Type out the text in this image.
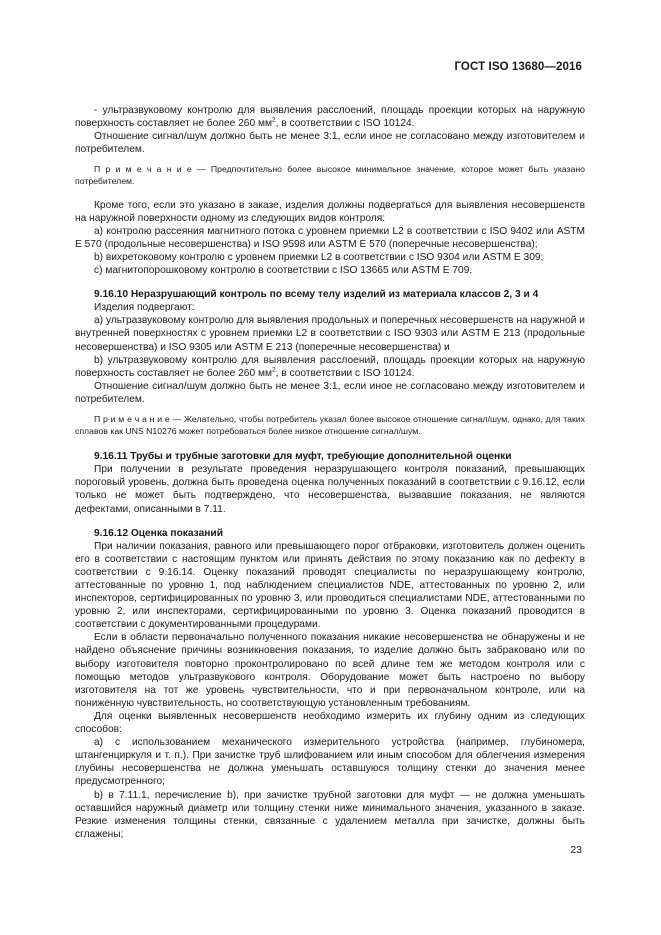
ГОСТ ISO 13680—2016

- ультразвуковому контролю для выявления расслоений, площадь проекции которых на наружную поверхность составляет не более 260 $мм^2$, в соответствии с ISO 10124.

Отношение сигнал/шум должно быть не менее 3:1, если иное не согласовано между изготовителем и потребителем.

П р и м е ч а н и е — Предпочтительно более высокое минимальное значение, которое может быть указано потребителем.

Кроме того, если это указано в заказе, изделия должны подвергаться для выявления несовершенств на наружной поверхности одному из следующих видов контроля:

a) контролю рассеяния магнитного потока с уровнем приемки L2 в соответствии с ISO 9402 или ASTM E 570 (продольные несовершенства) и ISO 9598 или ASTM E 570 (поперечные несовершенства);

b) вихретоковому контролю с уровнем приемки L2 в соответствии с ISO 9304 или ASTM E 309;

c) магнитопорошковому контролю в соответствии с ISO 13665 или ASTM E 709.

9.16.10 Неразрушающий контроль по всему телу изделий из материала классов 2, 3 и 4

Изделия подвергают:

a) ультразвуковому контролю для выявления продольных и поперечных несовершенств на наружной и внутренней поверхностях с уровнем приемки L2 в соответствии с ISO 9303 или ASTM E 213 (продольные несовершенства) и ISO 9305 или ASTM E 213 (поперечные несовершенства) и

b) ультразвуковому контролю для выявления расслоений, площадь проекции которых на наружную поверхность составляет не более 260 $мм^2$, в соответствии с ISO 10124.

Отношение сигнал/шум должно быть не менее 3:1, если иное не согласовано между изготовителем и потребителем.

П р и м е ч а н и е — Желательно, чтобы потребитель указал более высокое отношение сигнал/шум, однако, для таких сплавов как UNS N10276 может потребоваться более низкое отношение сигнал/шум.

9.16.11 Трубы и трубные заготовки для муфт, требующие дополнительной оценки

При получении в результате проведения неразрушающего контроля показаний, превышающих пороговый уровень, должна быть проведена оценка полученных показаний в соответствии с 9.16.12, если только не может быть подтверждено, что несовершенства, вызвавшие показания, не являются дефектами, описанными в 7.11.

9.16.12 Оценка показаний

При наличии показания, равного или превышающего порог отбраковки, изготовитель должен оценить его в соответствии с настоящим пунктом или принять действия по этому показанию как по дефекту в соответствии с 9.16.14. Оценку показаний проводят специалисты по неразрушающему контролю, аттестованные по уровню 1, под наблюдением специалистов NDE, аттестованных по уровню 2, или инспекторов, сертифицированных по уровню 3, или проводиться специалистами NDE, аттестованными по уровню 2, или инспекторами, сертифицированными по уровню 3. Оценка показаний проводится в соответствии с документированными процедурами.

Если в области первоначально полученного показания никакие несовершенства не обнаружены и не найдено объяснение причины возникновения показания, то изделие должно быть забраковано или по выбору изготовителя повторно проконтролировано по всей длине тем же методом контроля или с помощью методов ультразвукового контроля. Оборудование может быть настроено по выбору изготовителя на тот же уровень чувствительности, что и при первоначальном контроле, или на пониженную чувствительность, но соответствующую установленным требованиям.

Для оценки выявленных несовершенств необходимо измерить их глубину одним из следующих способов:

a) с использованием механического измерительного устройства (например, глубиномера, штангенциркуля и т. п.). При зачистке труб шлифованием или иным способом для облегчения измерения глубины несовершенства не должна уменьшать оставшуюся толщину стенки до значения менее предусмотренного;

b) в 7.11.1, перечисление b), при зачистке трубной заготовки для муфт — не должна уменьшать оставшийся наружный диаметр или толщину стенки ниже минимального значения, указанного в заказе. Резкие изменения толщины стенки, связанные с удалением металла при зачистке, должны быть сглажены;

23
